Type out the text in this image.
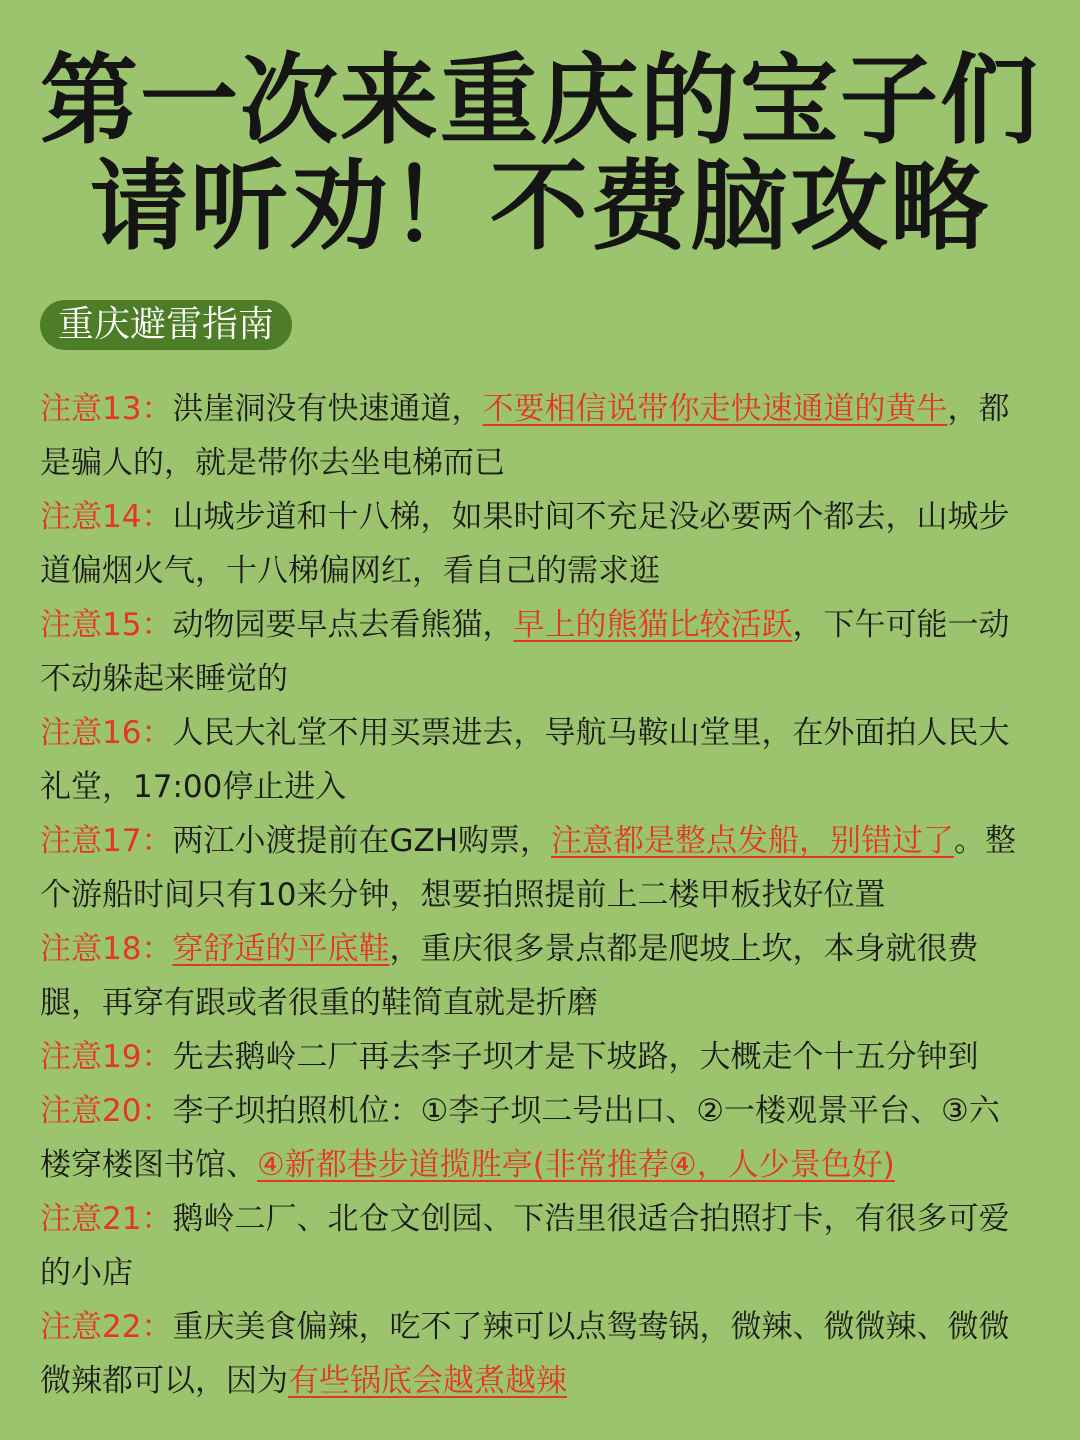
第一次来重庆的宝子们
请听劝！不费脑攻略
重庆避雷指南
注意13：洪崖洞没有快速通道，不要相信说带你走快速通道的黄牛，都是骗人的，就是带你去坐电梯而已
注意14：山城步道和十八梯，如果时间不充足没必要两个都去，山城步道偏烟火气，十八梯偏网红，看自己的需求逛
注意15：动物园要早点去看熊猫，早上的熊猫比较活跃，下午可能一动不动躲起来睡觉的
注意16：人民大礼堂不用买票进去，导航马鞍山堂里，在外面拍人民大礼堂，17:00停止进入
注意17：两江小渡提前在GZH购票，注意都是整点发船，别错过了。整个游船时间只有10来分钟，想要拍照提前上二楼甲板找好位置
注意18：穿舒适的平底鞋，重庆很多景点都是爬坡上坎，本身就很费腿，再穿有跟或者很重的鞋简直就是折磨
注意19：先去鹅岭二厂再去李子坝才是下坡路，大概走个十五分钟到
注意20：李子坝拍照机位：①李子坝二号出口、②一楼观景平台、③六楼穿楼图书馆、④新都巷步道揽胜亭(非常推荐④，人少景色好)
注意21：鹅岭二厂、北仓文创园、下浩里很适合拍照打卡，有很多可爱的小店
注意22：重庆美食偏辣，吃不了辣可以点鸳鸯锅，微辣、微微辣、微微微辣都可以，因为有些锅底会越煮越辣
